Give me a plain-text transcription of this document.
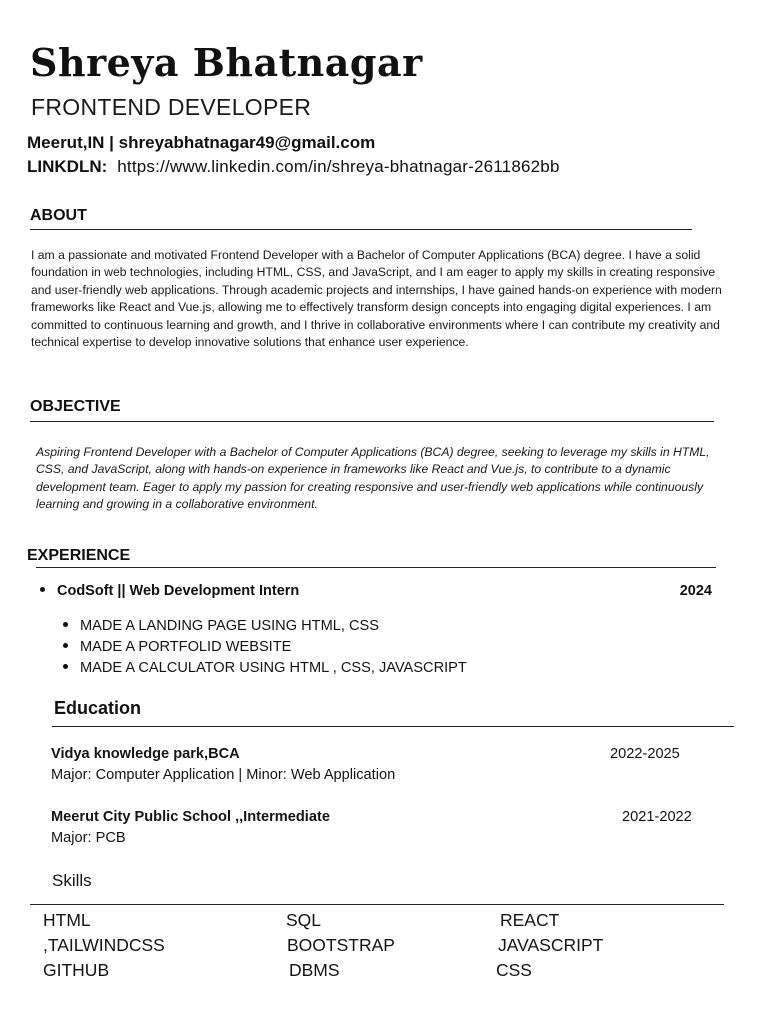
Shreya Bhatnagar
FRONTEND DEVELOPER
Meerut,IN | shreyabhatnagar49@gmail.com
LINKDLN: https://www.linkedin.com/in/shreya-bhatnagar-2611862bb
ABOUT
I am a passionate and motivated Frontend Developer with a Bachelor of Computer Applications (BCA) degree. I have a solid foundation in web technologies, including HTML, CSS, and JavaScript, and I am eager to apply my skills in creating responsive and user-friendly web applications. Through academic projects and internships, I have gained hands-on experience with modern frameworks like React and Vue.js, allowing me to effectively transform design concepts into engaging digital experiences. I am committed to continuous learning and growth, and I thrive in collaborative environments where I can contribute my creativity and technical expertise to develop innovative solutions that enhance user experience.
OBJECTIVE
Aspiring Frontend Developer with a Bachelor of Computer Applications (BCA) degree, seeking to leverage my skills in HTML, CSS, and JavaScript, along with hands-on experience in frameworks like React and Vue.js, to contribute to a dynamic development team. Eager to apply my passion for creating responsive and user-friendly web applications while continuously learning and growing in a collaborative environment.
EXPERIENCE
CodSoft || Web Development Intern	2024
MADE A LANDING PAGE USING HTML, CSS
MADE A PORTFOLID WEBSITE
MADE A CALCULATOR USING HTML , CSS, JAVASCRIPT
Education
Vidya knowledge park,BCA	2022-2025
Major: Computer Application | Minor: Web Application
Meerut City Public School ,,Intermediate	2021-2022
Major: PCB
Skills
HTML	SQL	REACT
,TAILWINDCSS	BOOTSTRAP	JAVASCRIPT
GITHUB	DBMS	CSS
